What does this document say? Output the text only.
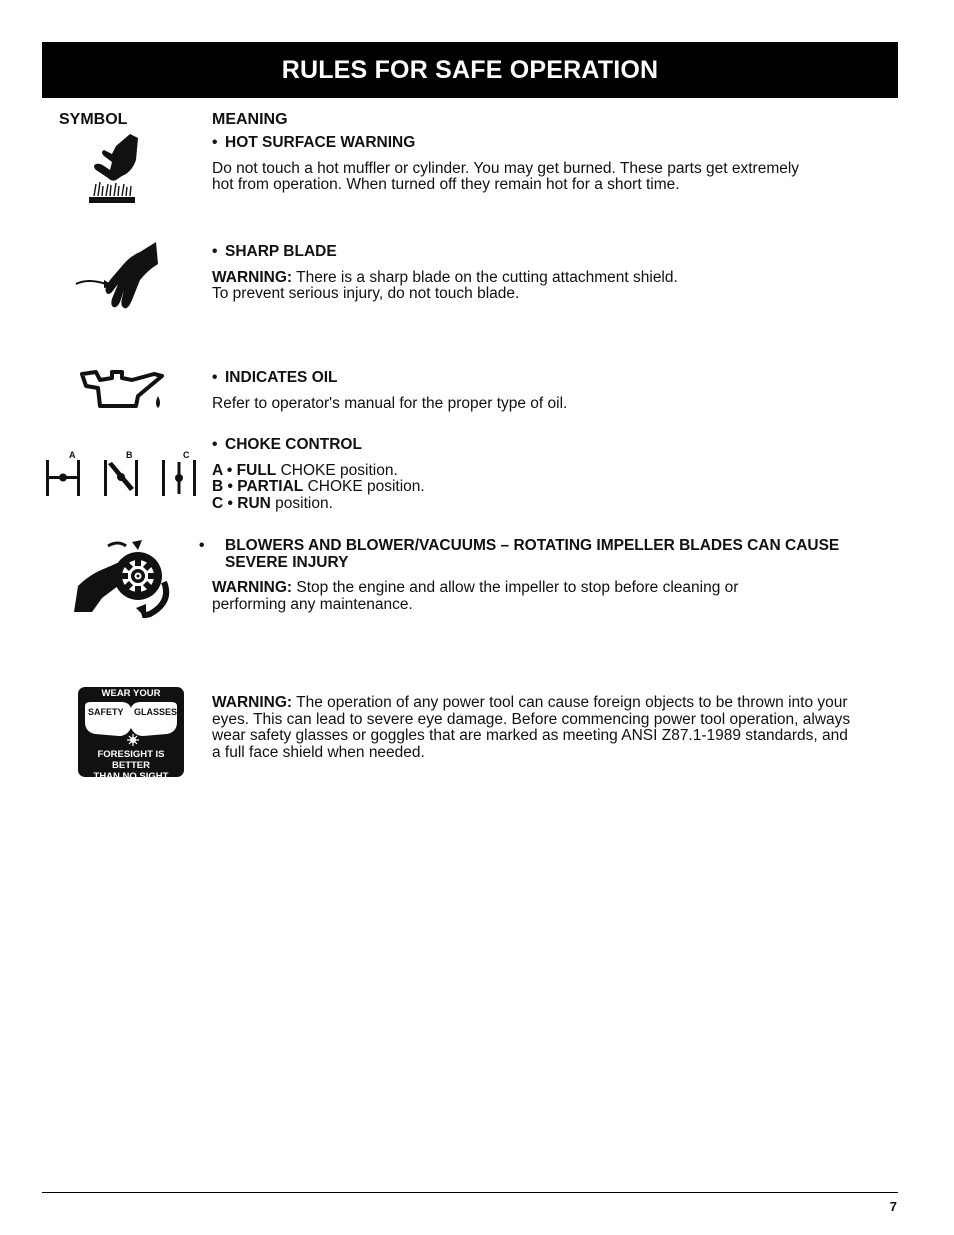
RULES FOR SAFE OPERATION
SYMBOL	MEANING
• HOT SURFACE WARNING

Do not touch a hot muffler or cylinder. You may get burned. These parts get extremely

hot from operation. When turned off they remain hot for a short time.

• SHARP BLADE

WARNING: There is a sharp blade on the cutting attachment shield.

To prevent serious injury, do not touch blade.

• INDICATES OIL

Refer to operator's manual for the proper type of oil.

A	B	C
• CHOKE CONTROL

A • FULL CHOKE position.

B • PARTIAL CHOKE position.

C • RUN position.

• BLOWERS AND BLOWER/VACUUMS – ROTATING IMPELLER BLADES CAN CAUSE SEVERE INJURY

WARNING: Stop the engine and allow the impeller to stop before cleaning or

performing any maintenance.

WEAR YOUR
SAFETY GLASSES
FORESIGHT IS BETTER
THAN NO SIGHT

WARNING: The operation of any power tool can cause foreign objects to be thrown into your

eyes. This can lead to severe eye damage. Before commencing power tool operation, always

wear safety glasses or goggles that are marked as meeting ANSI Z87.1-1989 standards, and

a full face shield when needed.

7
